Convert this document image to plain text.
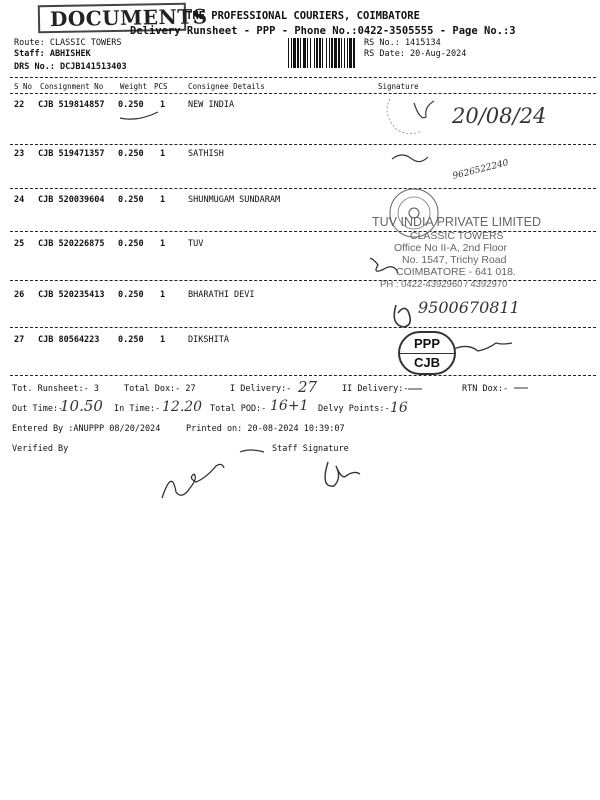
DOCUMENTS
THE PROFESSIONAL COURIERS, COIMBATORE
Delivery Runsheet - PPP - Phone No.:0422-3505555 - Page No.:3
Route: CLASSIC TOWERS
Staff: ABHISHEK
DRS No.: DCJB141513403
RS No.: 1415134
RS Date: 20-Aug-2024
S No Consignment No Weight PCS	Consignee Details	Signature
22 CJB 519814857 0.250 1	NEW INDIA
23 CJB 519471357 0.250 1	SATHISH
24 CJB 520039604 0.250 1	SHUNMUGAM SUNDARAM
25 CJB 520226875 0.250 1	TUV
26 CJB 520235413 0.250 1	BHARATHI DEVI
27 CJB 80564223 0.250 1	DIKSHITA
20/08/24
9626522240
TUV INDIA PRIVATE LIMITED
CLASSIC TOWERS
Office No II-A, 2nd Floor
No. 1547, Trichy Road
COIMBATORE - 641 018.
PH : 0422-4392960 / 4392970
9500670811
PPP
CJB
Tot. Runsheet:- 3	Total Dox:- 27	I Delivery:- 27	II Delivery:-	RTN Dox:-
Out Time:-
10.50 In Time:- 12.20 Total POD:- 16+1 Delvy Points:- 16
Entered By :ANUPPP 08/20/2024	Printed on: 20-08-2024 10:39:07
Verified By	Staff Signature
